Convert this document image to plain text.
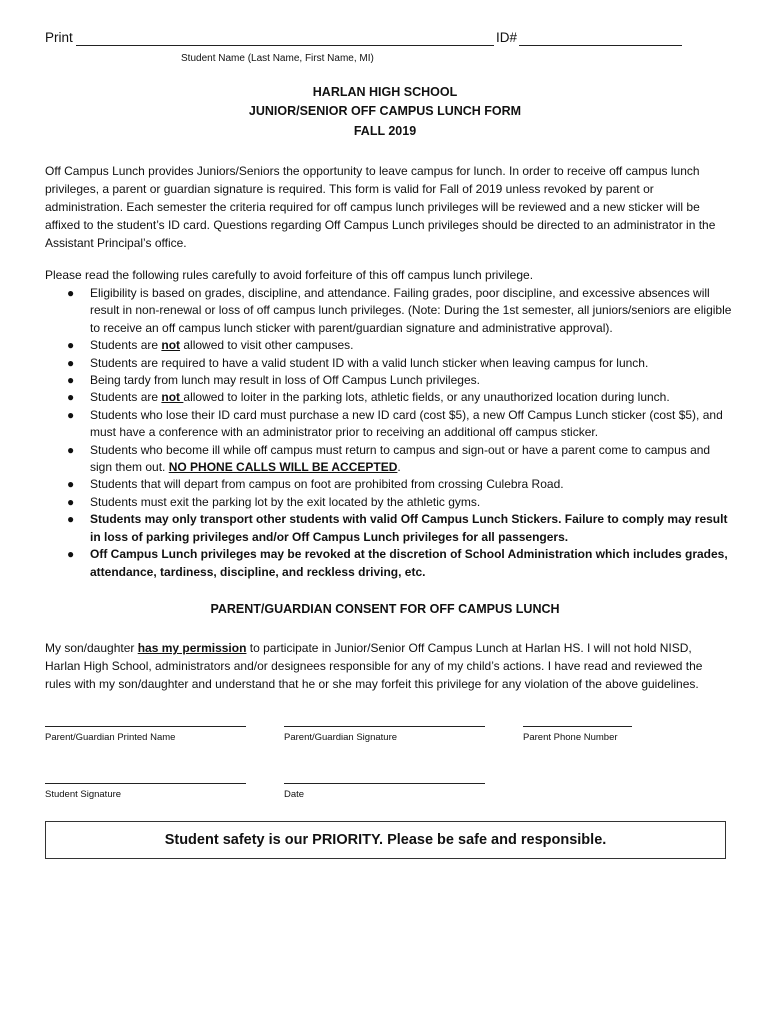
Print	ID#
Student Name (Last Name, First Name, MI)
HARLAN HIGH SCHOOL
JUNIOR/SENIOR OFF CAMPUS LUNCH FORM
FALL 2019
Off Campus Lunch provides Juniors/Seniors the opportunity to leave campus for lunch. In order to receive off campus lunch privileges, a parent or guardian signature is required. This form is valid for Fall of 2019 unless revoked by parent or administration. Each semester the criteria required for off campus lunch privileges will be reviewed and a new sticker will be affixed to the student’s ID card. Questions regarding Off Campus Lunch privileges should be directed to an administrator in the Assistant Principal’s office.
Please read the following rules carefully to avoid forfeiture of this off campus lunch privilege.
● Eligibility is based on grades, discipline, and attendance. Failing grades, poor discipline, and excessive absences will result in non-renewal or loss of off campus lunch privileges. (Note: During the 1st semester, all juniors/seniors are eligible to receive an off campus lunch sticker with parent/guardian signature and administrative approval).
● Students are not allowed to visit other campuses.
● Students are required to have a valid student ID with a valid lunch sticker when leaving campus for lunch.
● Being tardy from lunch may result in loss of Off Campus Lunch privileges.
● Students are not allowed to loiter in the parking lots, athletic fields, or any unauthorized location during lunch.
● Students who lose their ID card must purchase a new ID card (cost $5), a new Off Campus Lunch sticker (cost $5), and must have a conference with an administrator prior to receiving an additional off campus sticker.
● Students who become ill while off campus must return to campus and sign-out or have a parent come to campus and sign them out. NO PHONE CALLS WILL BE ACCEPTED.
● Students that will depart from campus on foot are prohibited from crossing Culebra Road.
● Students must exit the parking lot by the exit located by the athletic gyms.
● Students may only transport other students with valid Off Campus Lunch Stickers. Failure to comply may result in loss of parking privileges and/or Off Campus Lunch privileges for all passengers.
● Off Campus Lunch privileges may be revoked at the discretion of School Administration which includes grades, attendance, tardiness, discipline, and reckless driving, etc.
PARENT/GUARDIAN CONSENT FOR OFF CAMPUS LUNCH
My son/daughter has my permission to participate in Junior/Senior Off Campus Lunch at Harlan HS. I will not hold NISD, Harlan High School, administrators and/or designees responsible for any of my child’s actions. I have read and reviewed the rules with my son/daughter and understand that he or she may forfeit this privilege for any violation of the above guidelines.
Parent/Guardian Printed Name	Parent/Guardian Signature	Parent Phone Number
Student Signature	Date
Student safety is our PRIORITY. Please be safe and responsible.
